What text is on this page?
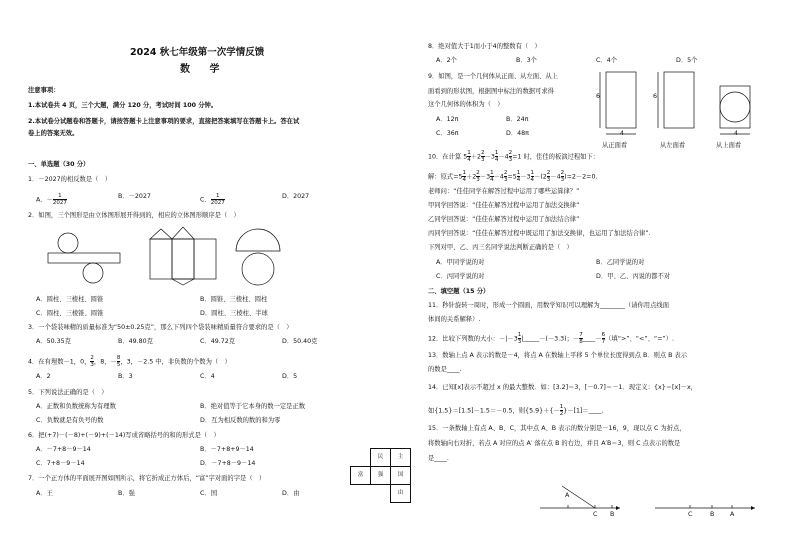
2024 秋七年级第一次学情反馈
数 学
注意事项：
1.本试卷共 4 页，三个大题，满分 120 分，考试时间 100 分钟。
2.本试卷分试题卷和答题卡，请按答题卡上注意事项的要求，直接把答案填写在答题卡上。答在试
卷上的答案无效。
一、单选题（30 分）
1．－2027的相反数是（　）
A．－ $\frac{1}{2027}$	B．－2027	C． $\frac{1}{2027}$	D．2027
2．如图，三个图形是由立体图形展开得到的，相应的立体图形顺序是（　）
A．圆柱、三棱柱、圆锥	B．圆锥、三棱柱、圆柱
C．圆柱、三棱锥、圆锥	D．圆柱、三棱柱、半球
3．一个袋装味精的质量标准为“50±0.25克”，那么下列四个袋装味精质量符合要求的是（　）
A．50.35克	B．49.80克	C．49.72克	D．50.40克
4．在有理数－1，0， $\frac{2}{3}$ ，8，－ $\frac{8}{5}$ ，3，－2.5 中，非负数的个数为（　）
A．2	B．3	C．4	D．5
5．下列说法正确的是（　）
A．正数和负数统称为有理数	B．绝对值等于它本身的数一定是正数
C．负数就是有负号的数	D．互为相反数的数的和为零
6．把(+7)－(－8)+(－9)+(－14)写成省略括号的和的形式是（　）
A．－7+8－9－14	B．－7+8+9－14
C．7+8－9－14	D．－7+8－9－14
7．一个正方体的平面展开图如图所示，将它折成正方体后，“富”字对面的字是（　）
A．王	B．强	C．国	D．由
民	主
富	强	国
由
8．绝对值大于1而小于4的整数有（　）
A．2个	B．3个	C．4个	D．5个
9．如图，是一个几何体从正面、从左面、从上
面看到的形状图，根据图中标注的数据可求得
这个几何体的体积为（　）
A．12π	B．24π
C．36π	D．48π
6	6
4	4
从正面看	从左面看	从上面看
10．在计算 $5 \frac{1}{4} +2 \frac{2}{3} -3 \frac{1}{4} -4 \frac{2}{3} =1$ 时，佳佳的板演过程如下：
解：原式$=5 \frac{1}{4} +2 \frac{2}{3} -3 \frac{1}{4} -4 \frac{2}{3} =5 \frac{1}{4} -3 \frac{1}{4} -(2 \frac{2}{3} -4 \frac{2}{3} )=2-2=0$.
老师问：“佳佳同学在解答过程中运用了哪些运算律？”
甲同学回答说：“佳佳在解答过程中运用了加法交换律”
乙同学回答说：“佳佳在解答过程中运用了加法结合律”
丙同学回答说：“佳佳在解答过程中既运用了加法交换律，也运用了加法结合律”.
下列对甲、乙、丙三名同学说法判断正确的是（　）
A．甲同学说的对	B．乙同学说的对
C．丙同学说的对	D．甲、乙、丙说的都不对
二、填空题（15 分）
11．秒针旋转一周时，形成一个圆面，用数学知识可以理解为________（请你用点线面
体间的关系解释）.
12．比较下列数的大小：$-|-3 \frac{1}{3}$ |_____－(－3.3)；－ $\frac{7}{8}$ ____－ $\frac{6}{7}$ （填“>”、“<”、“=”）.
13．数轴上点 A 表示的数是－4，将点 A 在数轴上平移 5 个单位长度得到点 B．则点 B 表示
的数是____.
14．已知[x]表示不超过 x 的最大整数．如：[3.2]＝3，[－0.7]＝－1．现定义：{x}＝[x]－x，
如{1.5}＝[1.5]－1.5＝－0.5，则$\{5.9\}+\{- \frac{1}{2}$ }－[1]＝____.
15．一条数轴上有点 A、B、C，其中点 A、B 表示的数分别是－16，9，现以点 C 为折点，
将数轴向右对折，若点 A 对应的点 A′ 落在点 B 的右边，并且 A′B＝3，则 C 点表示的数是
是____.
A
C B	C	B A
